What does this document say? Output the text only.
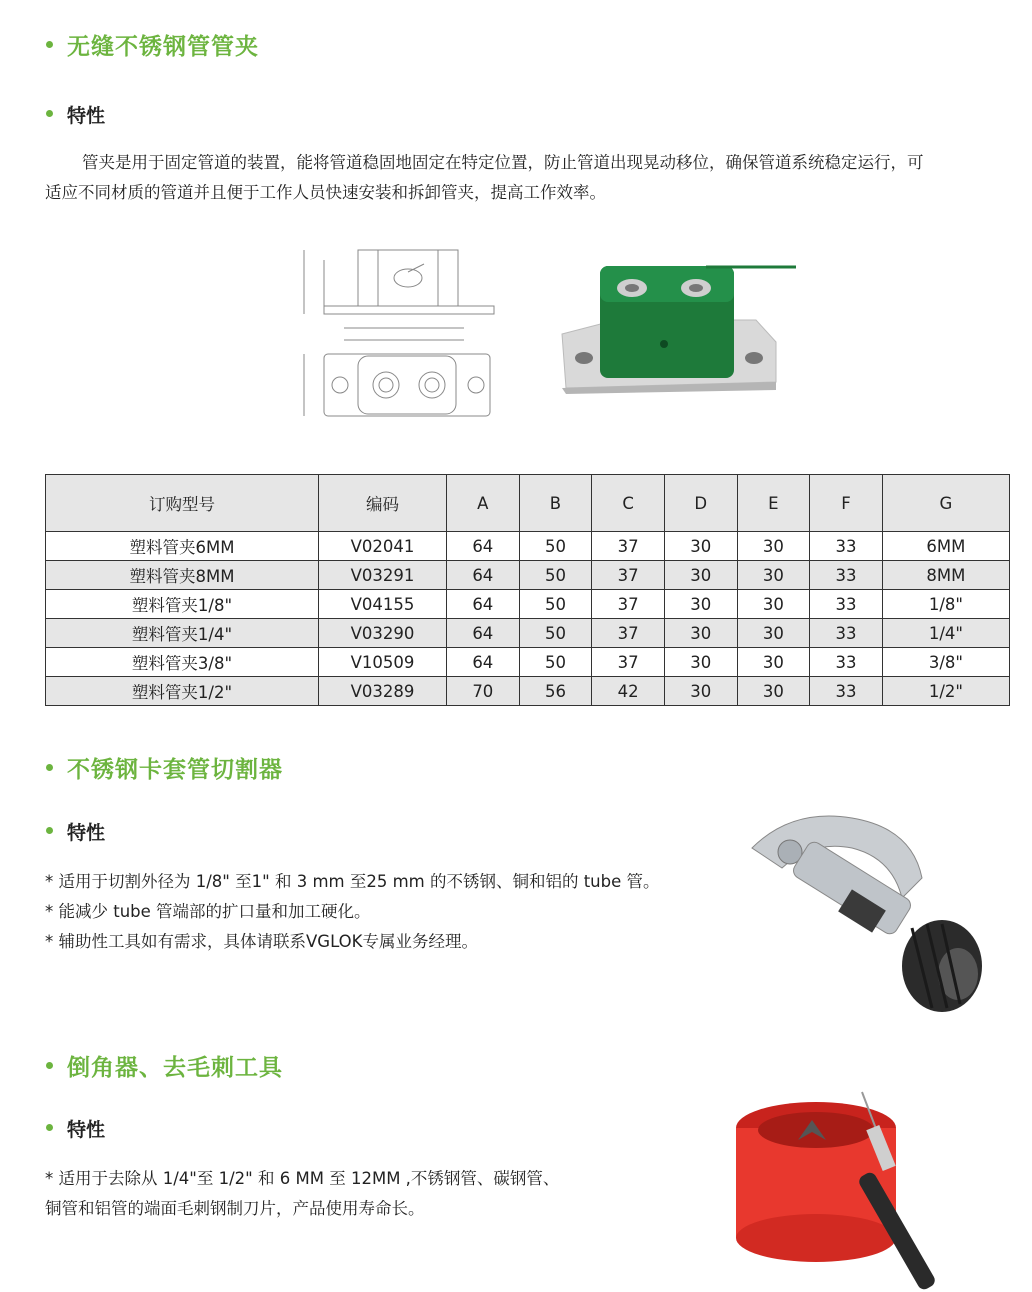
无缝不锈钢管管夹
特性
管夹是用于固定管道的装置，能将管道稳固地固定在特定位置，防止管道出现晃动移位，确保管道系统稳定运行，可
适应不同材质的管道并且便于工作人员快速安装和拆卸管夹，提高工作效率。
订购型号	编码	A	B	C	D	E	F	G
塑料管夹6MM	V02041	64	50	37	30	30	33	6MM
塑料管夹8MM	V03291	64	50	37	30	30	33	8MM
塑料管夹1/8"	V04155	64	50	37	30	30	33	1/8"
塑料管夹1/4"	V03290	64	50	37	30	30	33	1/4"
塑料管夹3/8"	V10509	64	50	37	30	30	33	3/8"
塑料管夹1/2"	V03289	70	56	42	30	30	33	1/2"
不锈钢卡套管切割器
特性
* 适用于切割外径为 1/8" 至1" 和 3 mm 至25 mm 的不锈钢、铜和铝的 tube 管。
* 能减少 tube 管端部的扩口量和加工硬化。
* 辅助性工具如有需求，具体请联系VGLOK专属业务经理。
倒角器、去毛刺工具
特性
* 适用于去除从 1/4"至 1/2" 和 6 MM 至 12MM ,不锈钢管、碳钢管、
铜管和铝管的端面毛刺钢制刀片，产品使用寿命长。
